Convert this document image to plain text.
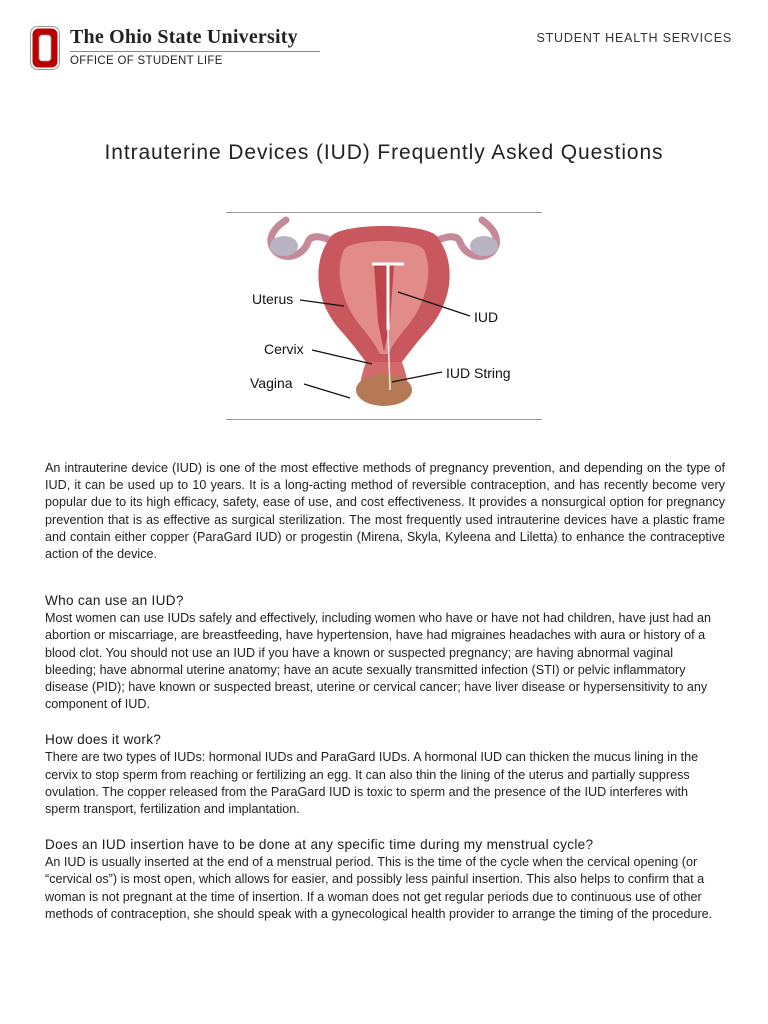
The Ohio State University
OFFICE OF STUDENT LIFE
STUDENT HEALTH SERVICES
Intrauterine Devices (IUD) Frequently Asked Questions
Uterus
IUD
Cervix
IUD String
Vagina

An intrauterine device (IUD) is one of the most effective methods of pregnancy prevention, and depending on the type of IUD, it can be used up to 10 years. It is a long-acting method of reversible contraception, and has recently become very popular due to its high efficacy, safety, ease of use, and cost effectiveness. It provides a nonsurgical option for pregnancy prevention that is as effective as surgical sterilization. The most frequently used intrauterine devices have a plastic frame and contain either copper (ParaGard IUD) or progestin (Mirena, Skyla, Kyleena and Liletta) to enhance the contraceptive action of the device.

Who can use an IUD?

Most women can use IUDs safely and effectively, including women who have or have not had children, have just had an abortion or miscarriage, are breastfeeding, have hypertension, have had migraines headaches with aura or history of a blood clot. You should not use an IUD if you have a known or suspected pregnancy; are having abnormal vaginal bleeding; have abnormal uterine anatomy; have an acute sexually transmitted infection (STI) or pelvic inflammatory disease (PID); have known or suspected breast, uterine or cervical cancer; have liver disease or hypersensitivity to any component of IUD.

How does it work?

There are two types of IUDs: hormonal IUDs and ParaGard IUDs. A hormonal IUD can thicken the mucus lining in the cervix to stop sperm from reaching or fertilizing an egg. It can also thin the lining of the uterus and partially suppress ovulation. The copper released from the ParaGard IUD is toxic to sperm and the presence of the IUD interferes with sperm transport, fertilization and implantation.

Does an IUD insertion have to be done at any specific time during my menstrual cycle?

An IUD is usually inserted at the end of a menstrual period. This is the time of the cycle when the cervical opening (or “cervical os”) is most open, which allows for easier, and possibly less painful insertion. This also helps to confirm that a woman is not pregnant at the time of insertion. If a woman does not get regular periods due to continuous use of other methods of contraception, she should speak with a gynecological health provider to arrange the timing of the procedure.
